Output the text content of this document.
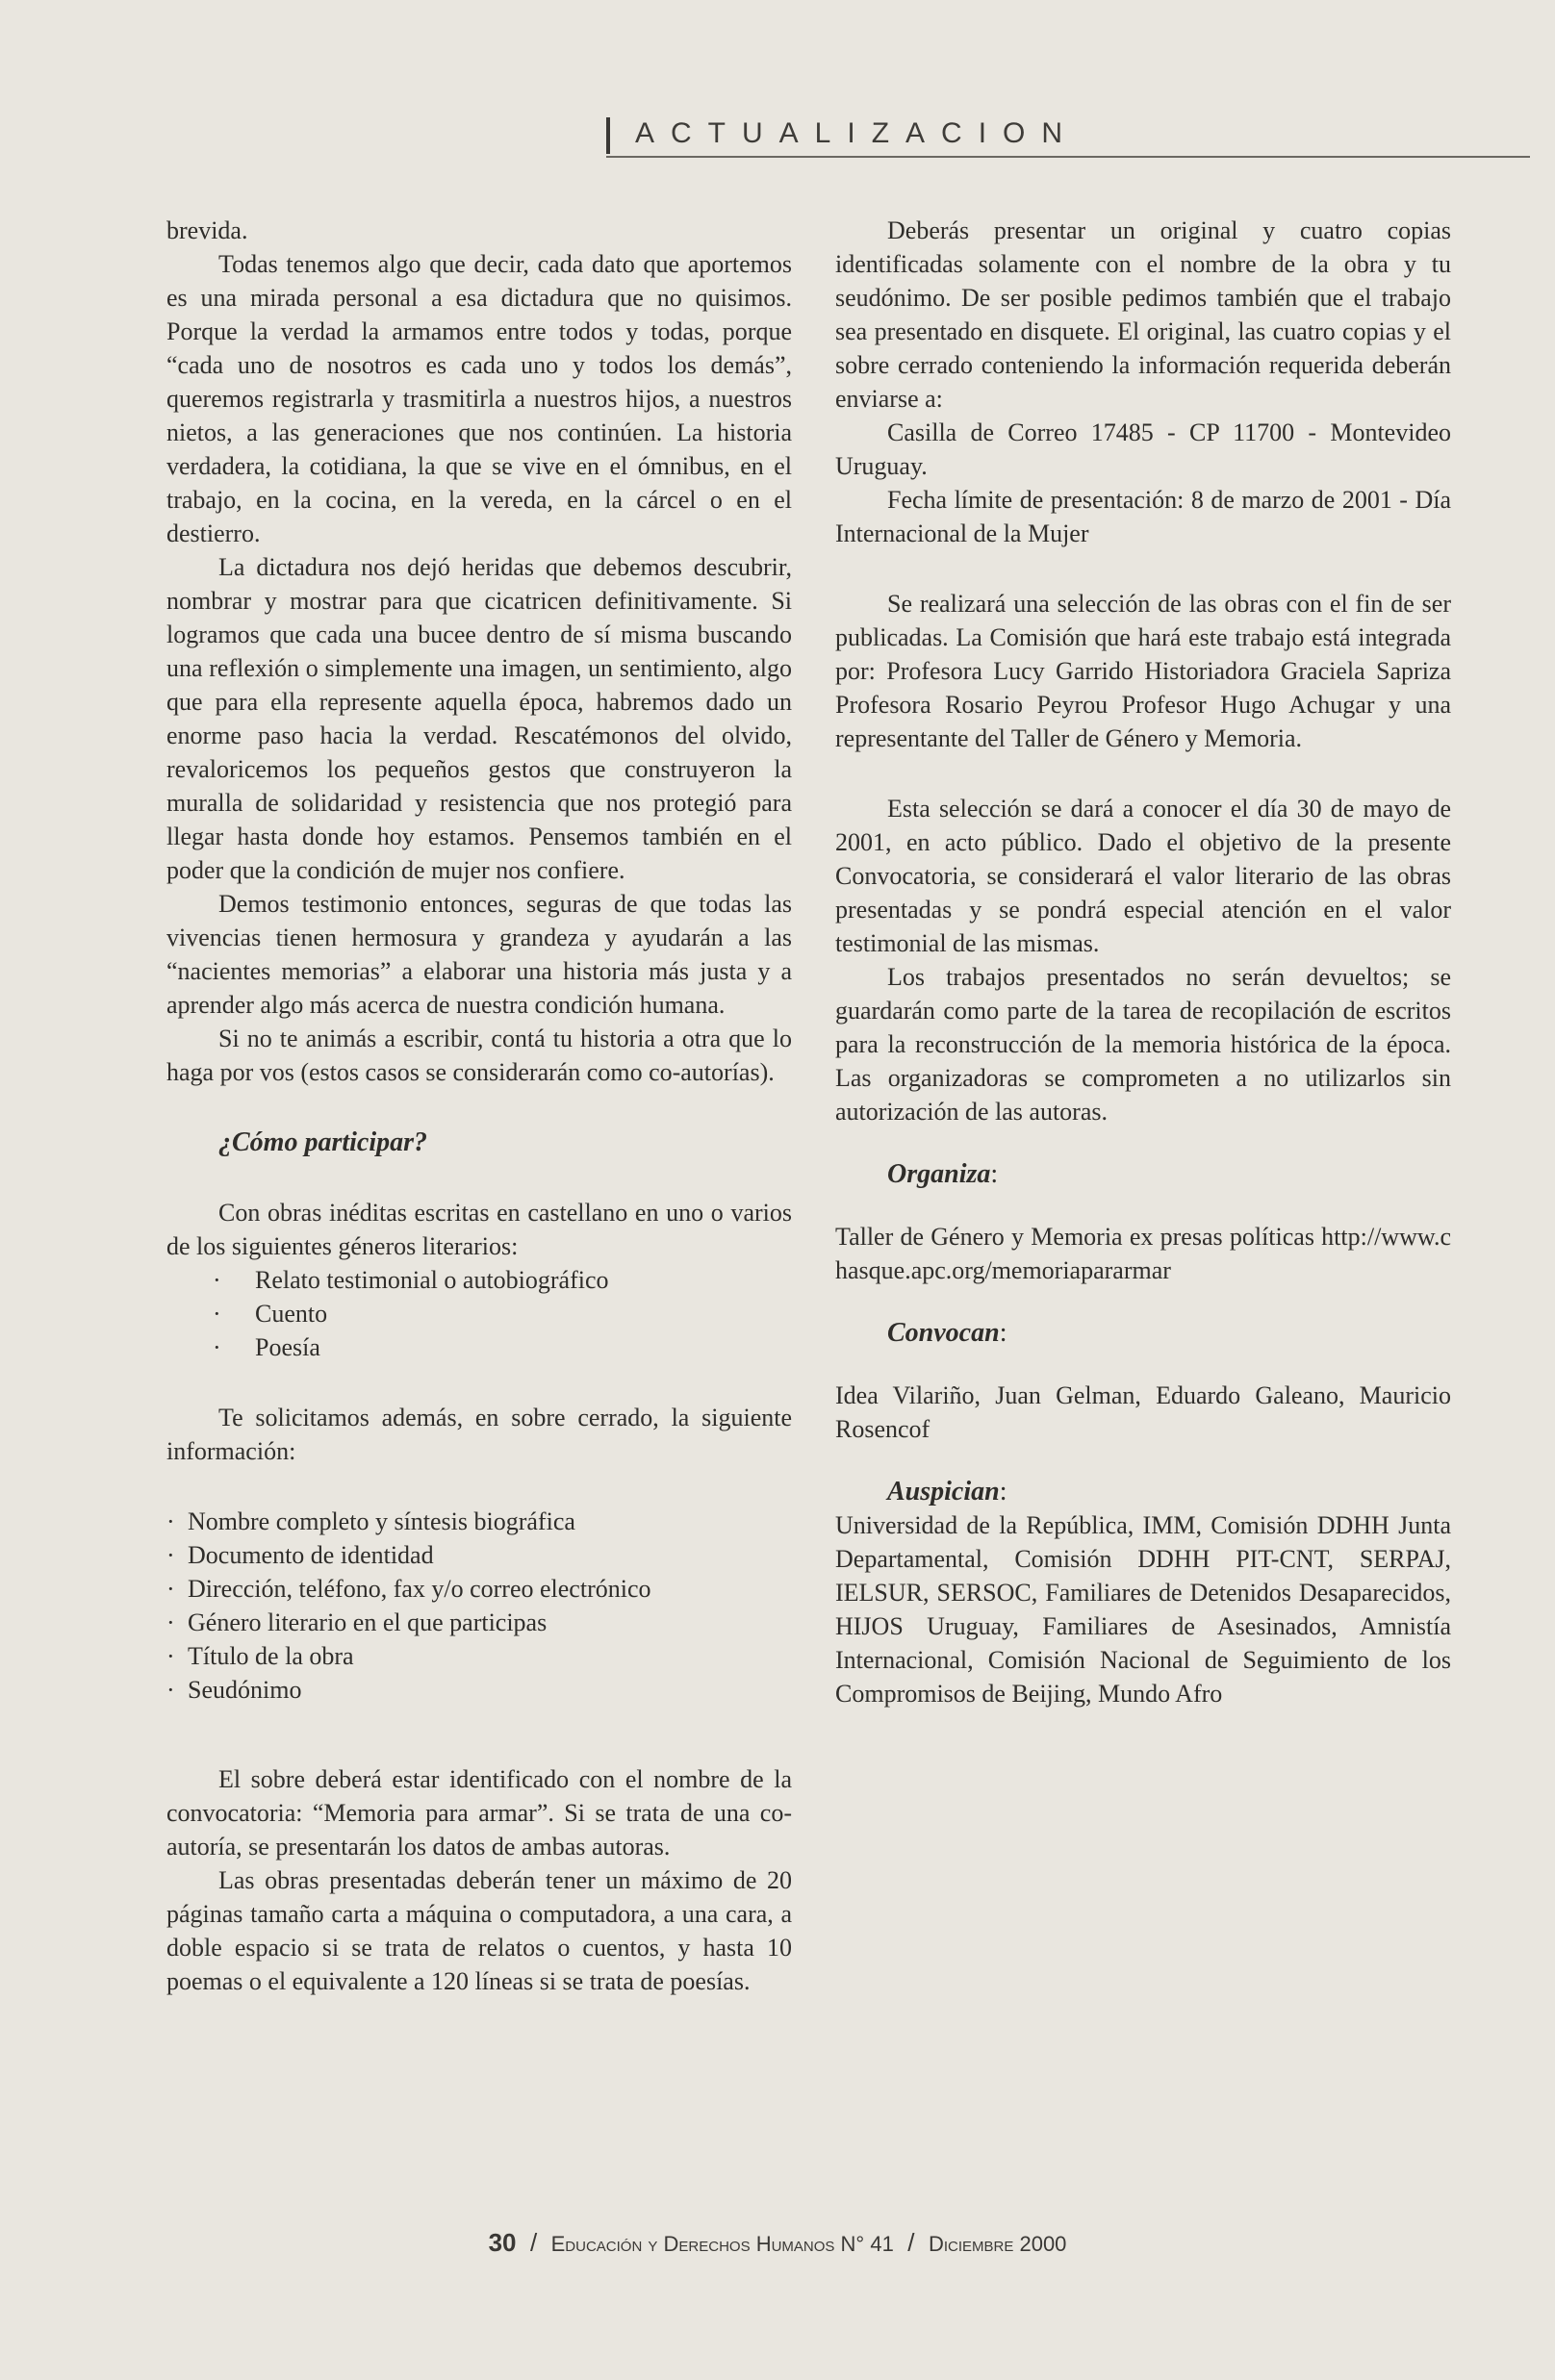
ACTUALIZACION

brevida.

Todas tenemos algo que decir, cada dato que aportemos es una mirada personal a esa dictadura que no quisimos. Porque la verdad la armamos entre todos y todas, porque “cada uno de nosotros es cada uno y todos los demás”, queremos registrarla y trasmitirla a nuestros hijos, a nuestros nietos, a las generaciones que nos continúen. La historia verdadera, la cotidiana, la que se vive en el ómnibus, en el trabajo, en la cocina, en la vereda, en la cárcel o en el destierro.

La dictadura nos dejó heridas que debemos descubrir, nombrar y mostrar para que cicatricen definitivamente. Si logramos que cada una bucee dentro de sí misma buscando una reflexión o simplemente una imagen, un sentimiento, algo que para ella represente aquella época, habremos dado un enorme paso hacia la verdad. Rescatémonos del olvido, revaloricemos los pequeños gestos que construyeron la muralla de solidaridad y resistencia que nos protegió para llegar hasta donde hoy estamos. Pensemos también en el poder que la condición de mujer nos confiere.

Demos testimonio entonces, seguras de que todas las vivencias tienen hermosura y grandeza y ayudarán a las “nacientes memorias” a elaborar una historia más justa y a aprender algo más acerca de nuestra condición humana.

Si no te animás a escribir, contá tu historia a otra que lo haga por vos (estos casos se considerarán como co-autorías).

¿Cómo participar?

Con obras inéditas escritas en castellano en uno o varios de los siguientes géneros literarios:

·	Relato testimonial o autobiográfico
·	Cuento
·	Poesía

Te solicitamos además, en sobre cerrado, la siguiente información:

· Nombre completo y síntesis biográfica
· Documento de identidad
· Dirección, teléfono, fax y/o correo electrónico
· Género literario en el que participas
· Título de la obra
· Seudónimo

El sobre deberá estar identificado con el nombre de la convocatoria: “Memoria para armar”. Si se trata de una co-autoría, se presentarán los datos de ambas autoras.

Las obras presentadas deberán tener un máximo de 20 páginas tamaño carta a máquina o computadora, a una cara, a doble espacio si se trata de relatos o cuentos, y hasta 10 poemas o el equivalente a 120 líneas si se trata de poesías.

Deberás presentar un original y cuatro copias identificadas solamente con el nombre de la obra y tu seudónimo. De ser posible pedimos también que el trabajo sea presentado en disquete. El original, las cuatro copias y el sobre cerrado conteniendo la información requerida deberán enviarse a:

Casilla de Correo 17485 - CP 11700 - Montevideo Uruguay.

Fecha límite de presentación: 8 de marzo de 2001 - Día Internacional de la Mujer

Se realizará una selección de las obras con el fin de ser publicadas. La Comisión que hará este trabajo está integrada por: Profesora Lucy Garrido Historiadora Graciela Sapriza Profesora Rosario Peyrou Profesor Hugo Achugar y una representante del Taller de Género y Memoria.

Esta selección se dará a conocer el día 30 de mayo de 2001, en acto público. Dado el objetivo de la presente Convocatoria, se considerará el valor literario de las obras presentadas y se pondrá especial atención en el valor testimonial de las mismas.

Los trabajos presentados no serán devueltos; se guardarán como parte de la tarea de recopilación de escritos para la reconstrucción de la memoria histórica de la época. Las organizadoras se comprometen a no utilizarlos sin autorización de las autoras.

Organiza:

Taller de Género y Memoria ex presas políticas http://www.chasque.apc.org/memoriapararmar

Convocan:

Idea Vilariño, Juan Gelman, Eduardo Galeano, Mauricio Rosencof

Auspician:

Universidad de la República, IMM, Comisión DDHH Junta Departamental, Comisión DDHH PIT-CNT, SERPAJ, IELSUR, SERSOC, Familiares de Detenidos Desaparecidos, HIJOS Uruguay, Familiares de Asesinados, Amnistía Internacional, Comisión Nacional de Seguimiento de los Compromisos de Beijing, Mundo Afro

30 / Educación y Derechos Humanos N° 41 / Diciembre 2000
